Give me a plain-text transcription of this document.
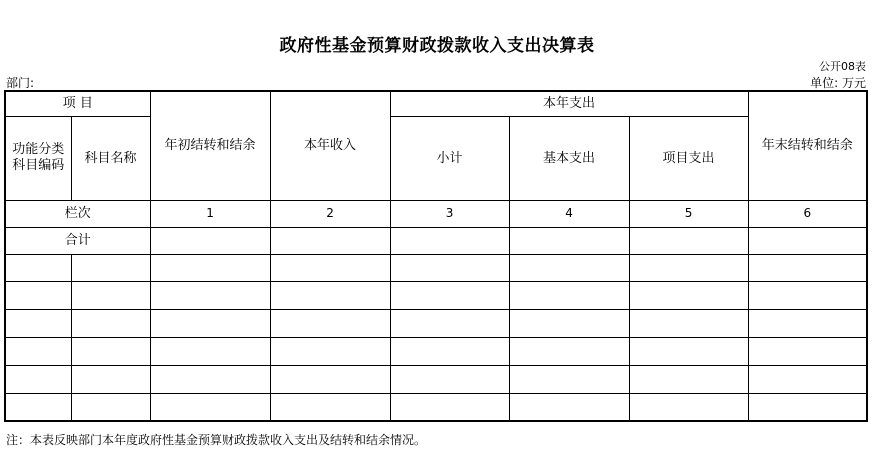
政府性基金预算财政拨款收入支出决算表
公开08表
部门:	单位: 万元
项 目		年初结转和结余	本年收入	本年支出			年末结转和结余

功能分类科目编码	科目名称			小计	基本支出	项目支出	
栏次		1	2	3	4	5	6
合计							

注：本表反映部门本年度政府性基金预算财政拨款收入支出及结转和结余情况。
